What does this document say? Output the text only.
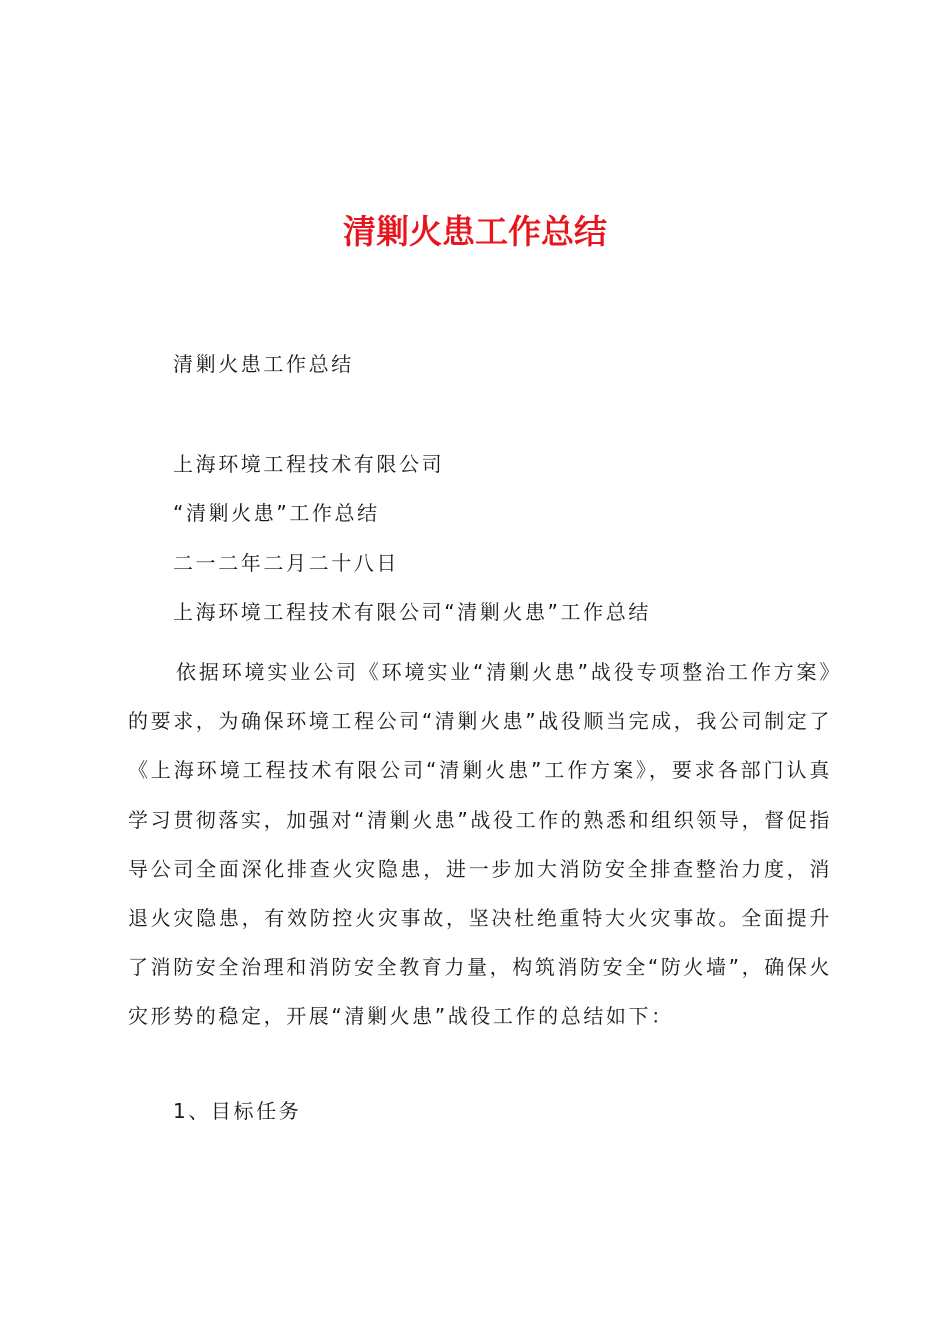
清剿火患工作总结
清剿火患工作总结
上海环境工程技术有限公司
“清剿火患”工作总结
二一二年二月二十八日
上海环境工程技术有限公司“清剿火患”工作总结
依据环境实业公司《环境实业“清剿火患”战役专项整治工作方案》的要求，为确保环境工程公司“清剿火患”战役顺当完成，我公司制定了《上海环境工程技术有限公司“清剿火患”工作方案》，要求各部门认真学习贯彻落实，加强对“清剿火患”战役工作的熟悉和组织领导，督促指导公司全面深化排查火灾隐患，进一步加大消防安全排查整治力度，消退火灾隐患，有效防控火灾事故，坚决杜绝重特大火灾事故。全面提升了消防安全治理和消防安全教育力量，构筑消防安全“防火墙”，确保火灾形势的稳定，开展“清剿火患”战役工作的总结如下：
1、目标任务
